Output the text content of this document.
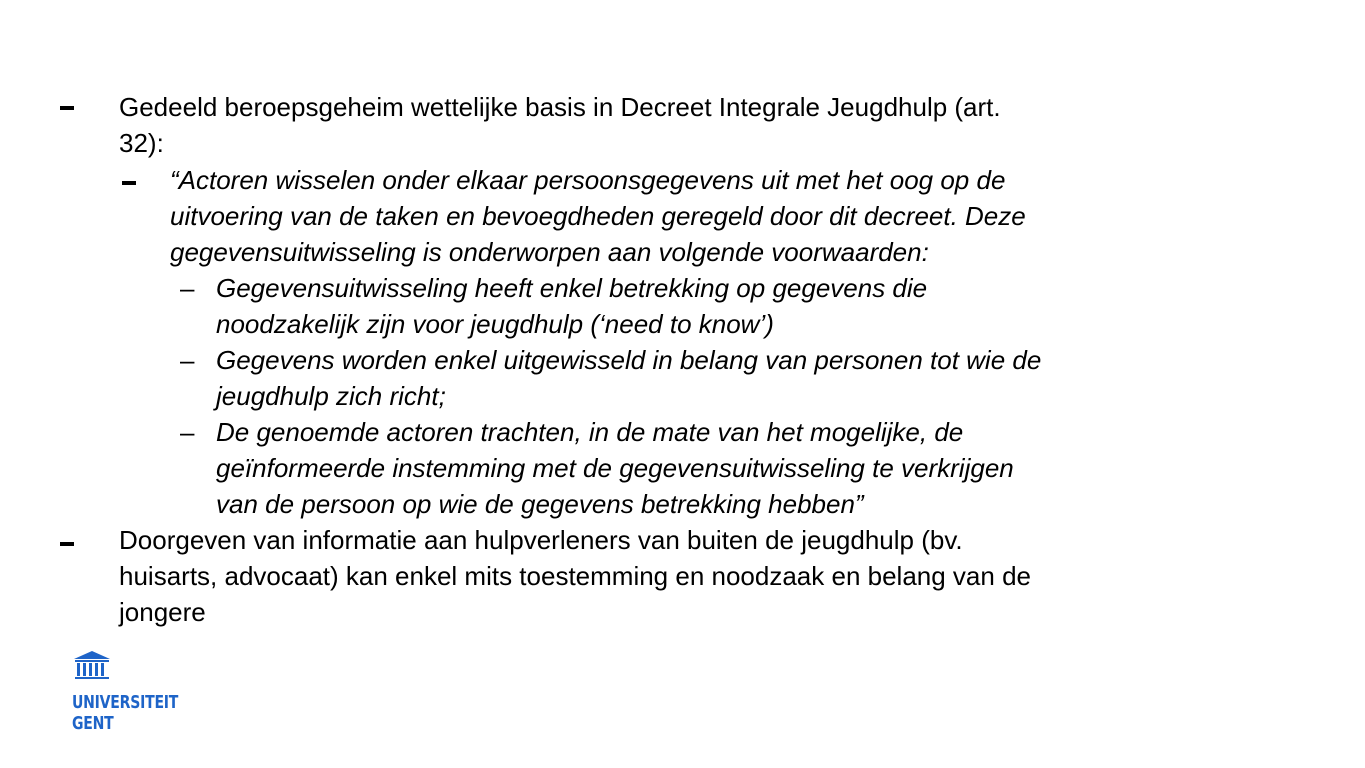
Gedeeld beroepsgeheim wettelijke basis in Decreet Integrale Jeugdhulp (art.
32):
“Actoren wisselen onder elkaar persoonsgegevens uit met het oog op de
uitvoering van de taken en bevoegdheden geregeld door dit decreet. Deze
gegevensuitwisseling is onderworpen aan volgende voorwaarden:
– Gegevensuitwisseling heeft enkel betrekking op gegevens die
noodzakelijk zijn voor jeugdhulp (‘need to know’)
– Gegevens worden enkel uitgewisseld in belang van personen tot wie de
jeugdhulp zich richt;
– De genoemde actoren trachten, in de mate van het mogelijke, de
geïnformeerde instemming met de gegevensuitwisseling te verkrijgen
van de persoon op wie de gegevens betrekking hebben”
Doorgeven van informatie aan hulpverleners van buiten de jeugdhulp (bv.
huisarts, advocaat) kan enkel mits toestemming en noodzaak en belang van de
jongere
UNIVERSITEIT
GENT
